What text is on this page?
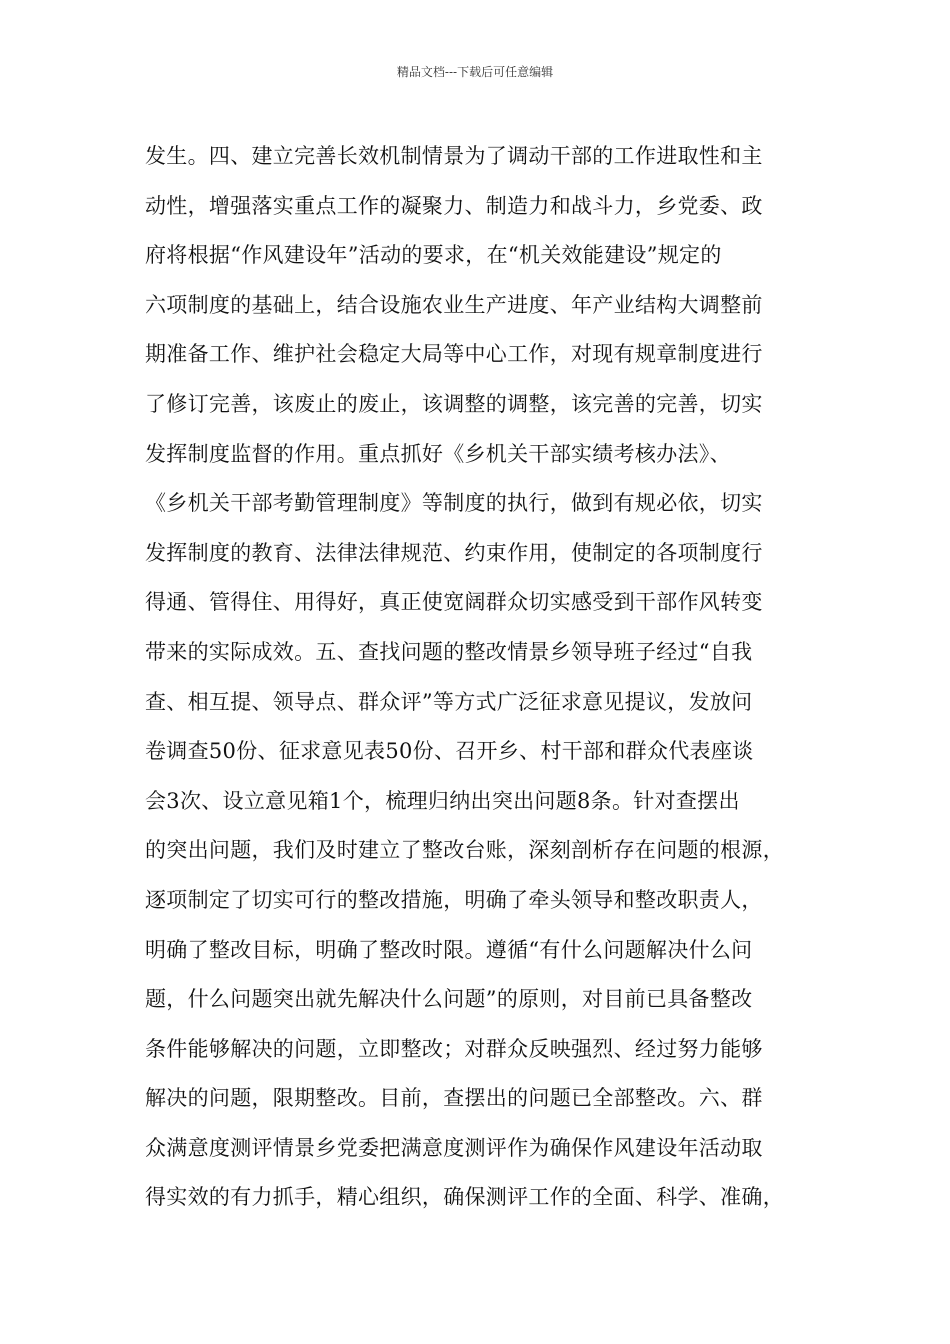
精品文档---下载后可任意编辑
发生。四、建立完善长效机制情景为了调动干部的工作进取性和主
动性，增强落实重点工作的凝聚力、制造力和战斗力，乡党委、政
府将根据“作风建设年”活动的要求，在“机关效能建设”规定的
六项制度的基础上，结合设施农业生产进度、年产业结构大调整前
期准备工作、维护社会稳定大局等中心工作，对现有规章制度进行
了修订完善，该废止的废止，该调整的调整，该完善的完善，切实
发挥制度监督的作用。重点抓好《乡机关干部实绩考核办法》、
《乡机关干部考勤管理制度》等制度的执行，做到有规必依，切实
发挥制度的教育、法律法律规范、约束作用，使制定的各项制度行
得通、管得住、用得好，真正使宽阔群众切实感受到干部作风转变
带来的实际成效。五、查找问题的整改情景乡领导班子经过“自我
查、相互提、领导点、群众评”等方式广泛征求意见提议，发放问
卷调查50份、征求意见表50份、召开乡、村干部和群众代表座谈
会3次、设立意见箱1个，梳理归纳出突出问题8条。针对查摆出
的突出问题，我们及时建立了整改台账，深刻剖析存在问题的根源，
逐项制定了切实可行的整改措施，明确了牵头领导和整改职责人，
明确了整改目标，明确了整改时限。遵循“有什么问题解决什么问
题，什么问题突出就先解决什么问题”的原则，对目前已具备整改
条件能够解决的问题，立即整改；对群众反映强烈、经过努力能够
解决的问题，限期整改。目前，查摆出的问题已全部整改。六、群
众满意度测评情景乡党委把满意度测评作为确保作风建设年活动取
得实效的有力抓手，精心组织，确保测评工作的全面、科学、准确，
